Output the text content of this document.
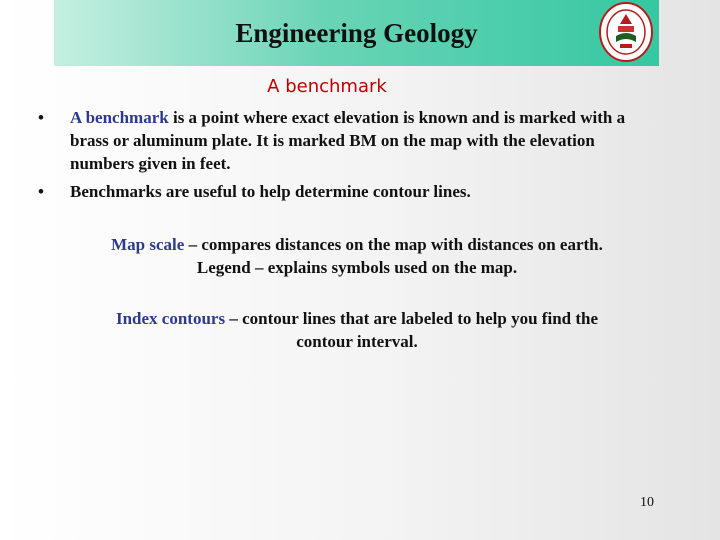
Engineering Geology
A benchmark
• A benchmark is a point where exact elevation is known and is marked with a brass or aluminum plate. It is marked BM on the map with the elevation numbers given in feet.
• Benchmarks are useful to help determine contour lines.
Map scale – compares distances on the map with distances on earth.
Legend – explains symbols used on the map.
Index contours – contour lines that are labeled to help you find the
contour interval.
10
